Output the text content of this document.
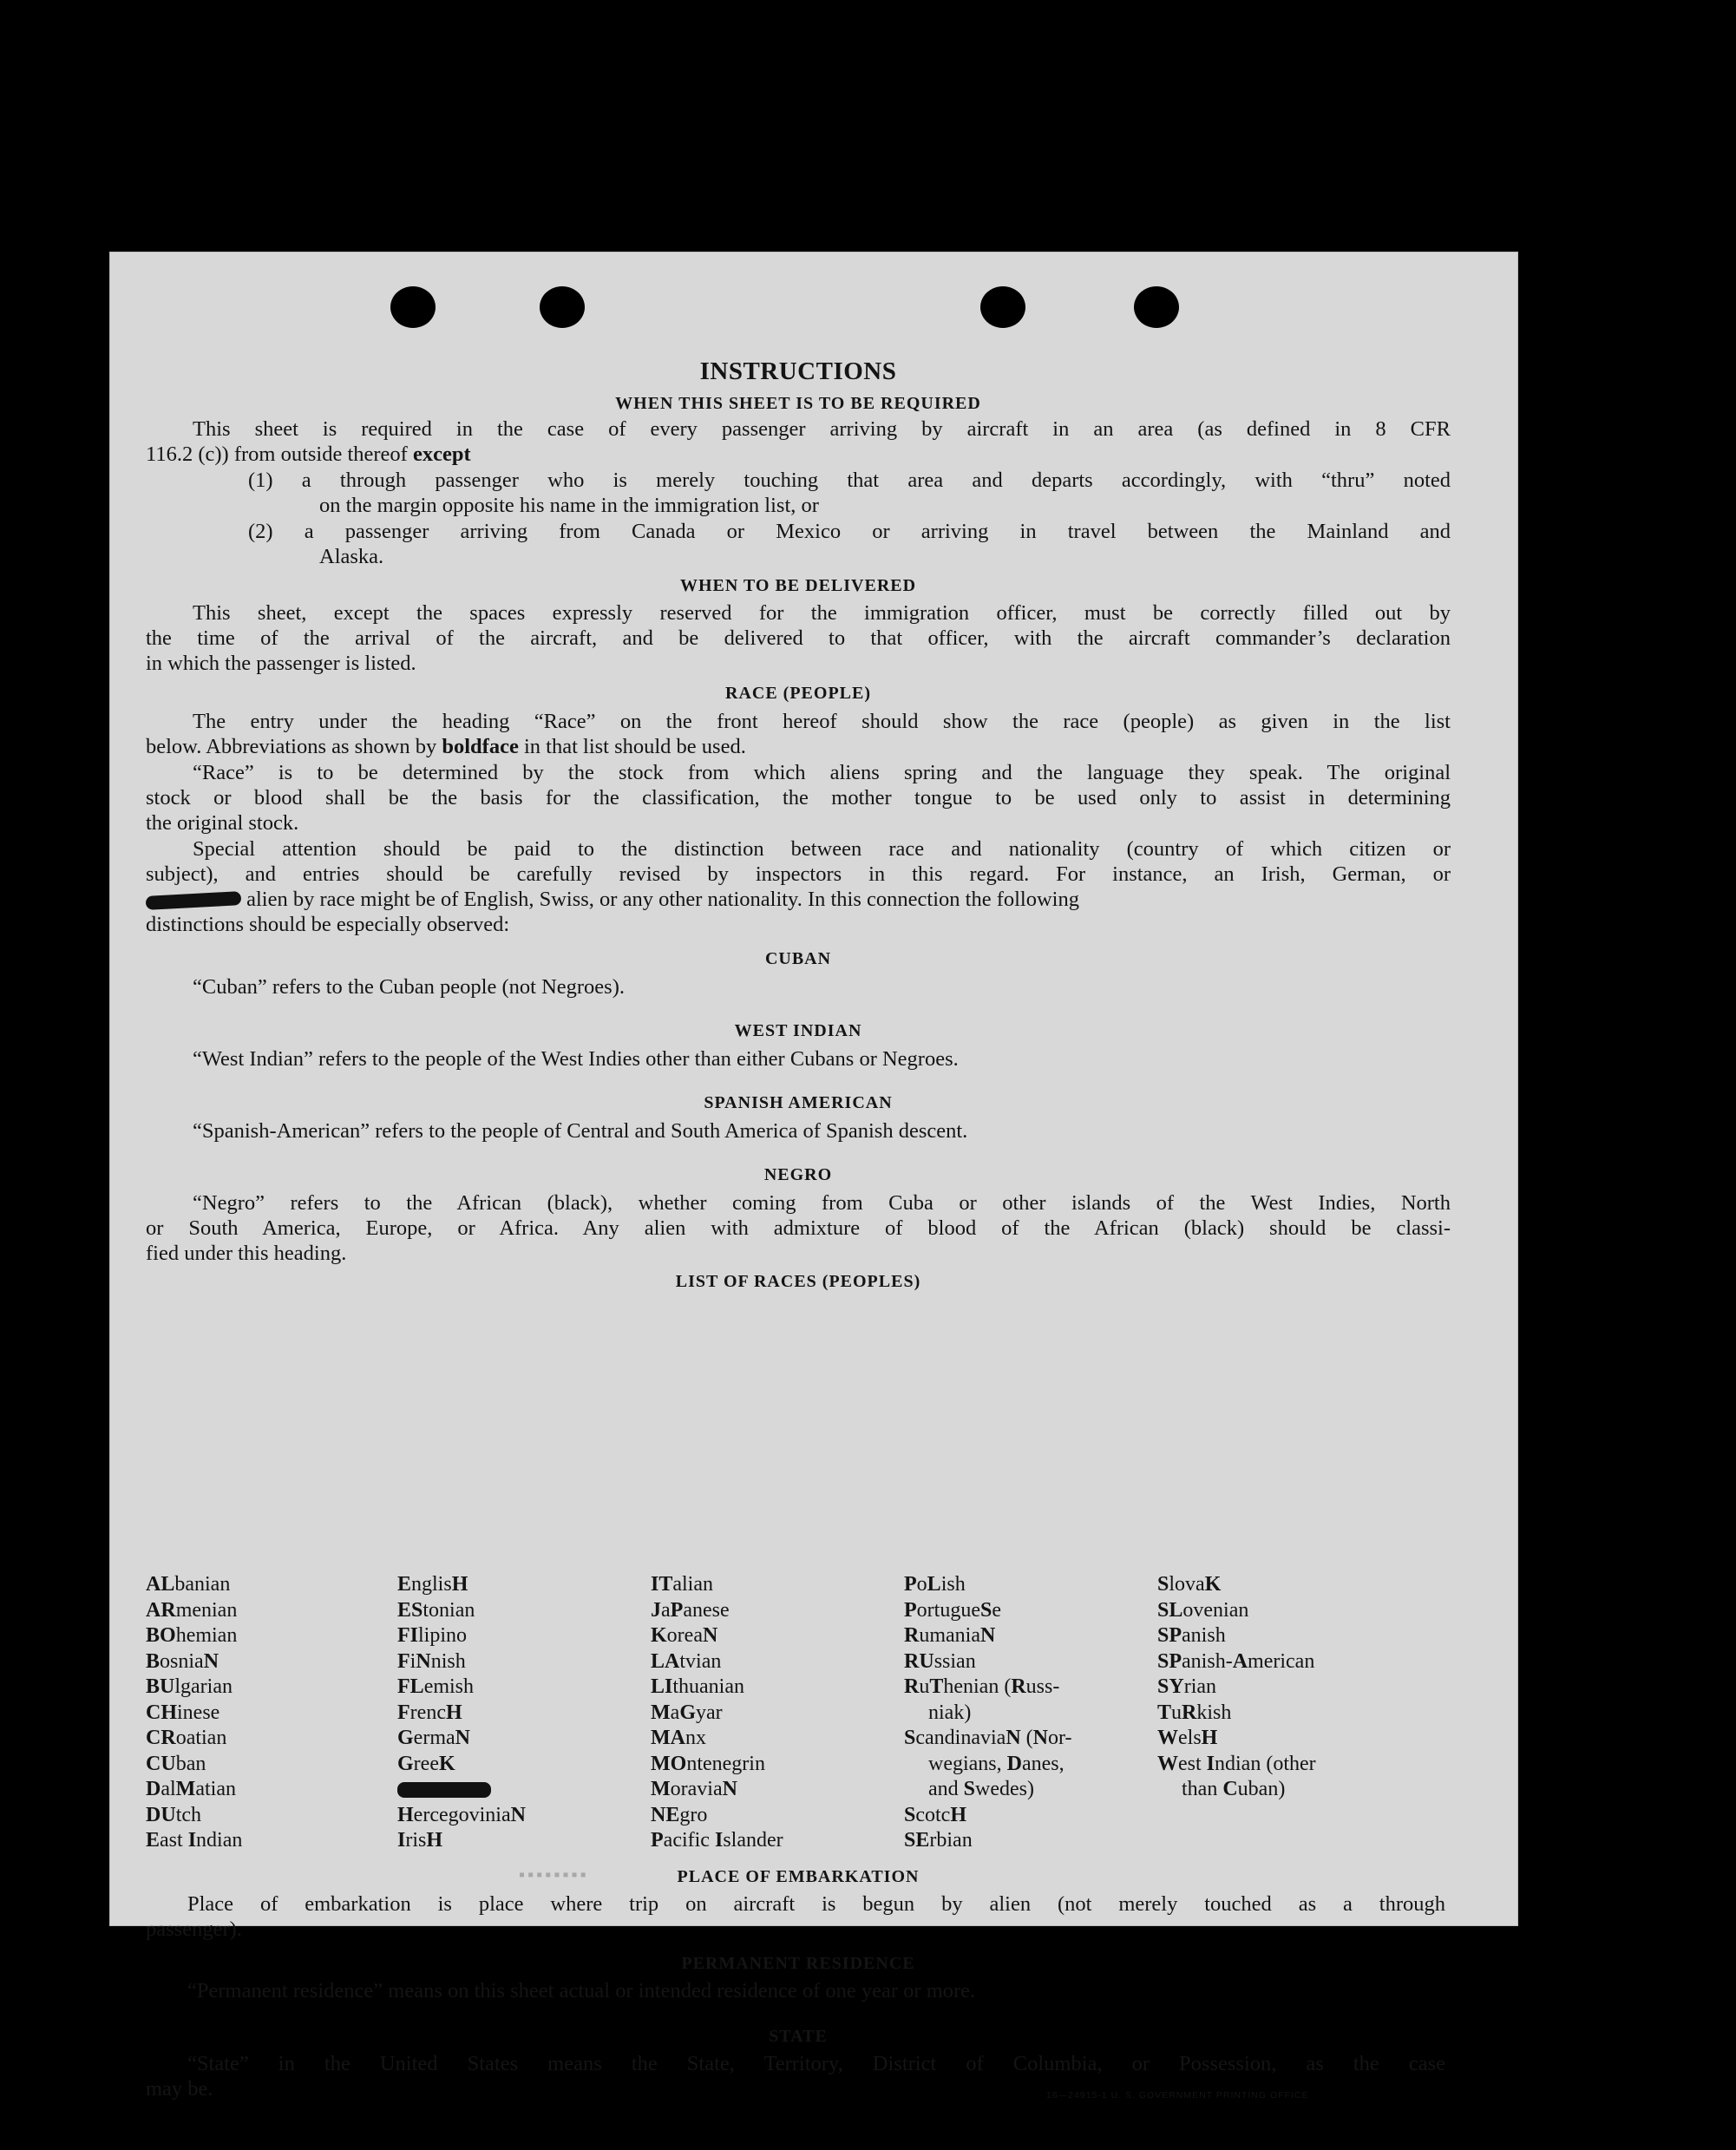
INSTRUCTIONS
WHEN THIS SHEET IS TO BE REQUIRED
This sheet is required in the case of every passenger arriving by aircraft in an area (as defined in 8 CFR
116.2 (c)) from outside thereof except
(1) a through passenger who is merely touching that area and departs accordingly, with “thru” noted
on the margin opposite his name in the immigration list, or
(2) a passenger arriving from Canada or Mexico or arriving in travel between the Mainland and
Alaska.
WHEN TO BE DELIVERED
This sheet, except the spaces expressly reserved for the immigration officer, must be correctly filled out by
the time of the arrival of the aircraft, and be delivered to that officer, with the aircraft commander’s declaration
in which the passenger is listed.
RACE (PEOPLE)
The entry under the heading “Race” on the front hereof should show the race (people) as given in the list
below. Abbreviations as shown by boldface in that list should be used.
“Race” is to be determined by the stock from which aliens spring and the language they speak. The original
stock or blood shall be the basis for the classification, the mother tongue to be used only to assist in determining
the original stock.
Special attention should be paid to the distinction between race and nationality (country of which citizen or
subject), and entries should be carefully revised by inspectors in this regard. For instance, an Irish, German, or
alien by race might be of English, Swiss, or any other nationality. In this connection the following
distinctions should be especially observed:
CUBAN
“Cuban” refers to the Cuban people (not Negroes).
WEST INDIAN
“West Indian” refers to the people of the West Indies other than either Cubans or Negroes.
SPANISH AMERICAN
“Spanish-American” refers to the people of Central and South America of Spanish descent.
NEGRO
“Negro” refers to the African (black), whether coming from Cuba or other islands of the West Indies, North
or South America, Europe, or Africa. Any alien with admixture of blood of the African (black) should be classi-
fied under this heading.
LIST OF RACES (PEOPLES)
▪▪▪▪▪▪▪▪	PLACE OF EMBARKATION
Place of embarkation is place where trip on aircraft is begun by alien (not merely touched as a through
passenger).
PERMANENT RESIDENCE
“Permanent residence” means on this sheet actual or intended residence of one year or more.
STATE
“State” in the United States means the State, Territory, District of Columbia, or Possession, as the case
may be.	16—24915-1 U. S. GOVERNMENT PRINTING OFFICE
ALbanian
ARmenian
BOhemian
BosniaN
BUlgarian
CHinese
CRoatian
CUban
DalMatian
DUtch
East Indian
EnglisH
EStonian
FIlipino
FiNnish
FLemish
FrencH
GermaN
GreeK
HercegoviniaN
IrisH
ITalian
JaPanese
KoreaN
LAtvian
LIthuanian
MaGyar
MAnx
MOntenegrin
MoraviaN
NEgro
Pacific Islander
PoLish
PortugueSe
RumaniaN
RUssian
RuThenian (Russ-
niak)
ScandinaviaN (Nor-
wegians, Danes,
and Swedes)
ScotcH
SErbian
SlovaK
SLovenian
SPanish
SPanish-American
SYrian
TuRkish
WelsH
West Indian (other
than Cuban)
